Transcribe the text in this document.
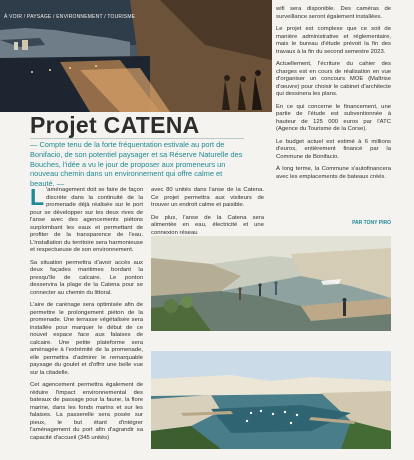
À VOIR / PAYSAGE / ENVIRONNEMENT / TOURISME
Projet CATENA
— Compte tenu de la forte fréquentation estivale au port de Bonifacio, de son potentiel paysager et sa Réserve Naturelle des Bouches, l'idée a vu le jour de proposer aux promeneurs un nouveau chemin dans un environnement qui offre calme et beauté. —

L 'aménagement doit se faire de façon discrète dans la continuité de la promenade déjà réalisée sur le port pour se développer sur les deux rives de l'anse avec des agencements piétons surplombant les eaux et permettant de profiter de la transparence de l'eau. L'installation du territoire sera harmonieuse et respectueuse de son environnement.

Sa situation permettra d'avoir accès aux deux façades maritimes bordant la presqu'île de calcaire. Le ponton desservira la plage de la Catena pour se connecter au chemin du littoral.

L'aire de carénage sera optimisée afin de permettre le prolongement piéton de la promenade. Une terrasse végétalisée sera installée pour marquer le début de ce nouvel espace face aux falaises de calcaire. Une petite plateforme sera aménagée à l'extrémité de la promenade, elle permettra d'admirer le remarquable paysage du goulet et d'offrir une belle vue sur la citadelle.

Cet agencement permettra également de réduire l'impact environnemental des bateaux de passage pour la faune, la flore marine, dans les fonds marins et sur les falaises. La passerelle sera posée sur pieux, le but étant d'intégrer l'aménagement du port afin d'agrandir sa capacité d'accueil (345 unités)

avec 80 unités dans l'anse de la Catena. Ce projet permettra aux visiteurs de trouver un endroit calme et paisible.

De plus, l'anse de la Catena sera alimentée en eau, électricité et une connexion réseau

wifi sera disponible. Des caméras de surveillance seront également installées.

Le projet est complexe que ce soit de manière administrative et réglementaire, mais le bureau d'étude prévoit la fin des travaux à la fin du second semestre 2023.

Actuellement, l'écriture du cahier des charges est en cours de réalisation en vue d'organiser un concours MOE (Maîtrise d'œuvre) pour choisir le cabinet d'architecte qui dessinera les plans.

En ce qui concerne le financement, une partie de l'étude est subventionnée à hauteur de 125 000 euros par l'ATC (Agence du Tourisme de la Corse).

Le budget actuel est estimé à 6 millions d'euros, entièrement financé par la Commune de Bonifacio.

À long terme, la Commune s'autofinancera avec les emplacements de bateaux créés.

PAR TONY PIRO
